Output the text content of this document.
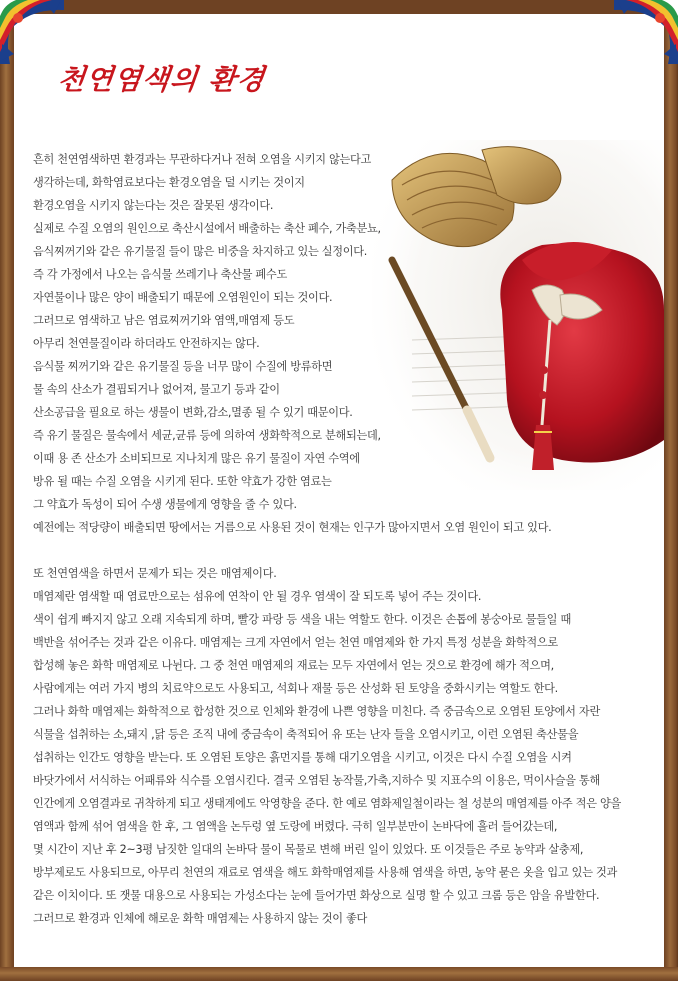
천연염색의 환경
흔히 천연염색하면 환경과는 무관하다거나 전혀 오염을 시키지 않는다고
생각하는데, 화학염료보다는 환경오염을 덜 시키는 것이지
환경오염을 시키지 않는다는 것은 잘못된 생각이다.
실제로 수질 오염의 원인으로 축산시설에서 배출하는 축산 폐수, 가축분뇨,
음식찌꺼기와 같은 유기물질 들이 많은 비중을 차지하고 있는 실정이다.
즉 각 가정에서 나오는 음식물 쓰레기나 축산물 폐수도
자연물이나 많은 양이 배출되기 때문에 오염원인이 되는 것이다.
그러므로 염색하고 남은 염료찌꺼기와 염액,매염제 등도
아무리 천연물질이라 하더라도 안전하지는 않다.
음식물 찌꺼기와 같은 유기물질 등을 너무 많이 수질에 방류하면
물 속의 산소가 결핍되거나 없어져, 물고기 등과 같이
산소공급을 필요로 하는 생물이 변화,감소,멸종 될 수 있기 때문이다.
즉 유기 물질은 물속에서 세균,균류 등에 의하여 생화학적으로 분해되는데,
이때 용 존 산소가 소비되므로 지나치게 많은 유기 물질이 자연 수역에
방유 될 때는 수질 오염을 시키게 된다. 또한 약효가 강한 염료는
그 약효가 독성이 되어 수생 생물에게 영향을 줄 수 있다.
예전에는 적당량이 배출되면 땅에서는 거름으로 사용된 것이 현재는 인구가 많아지면서 오염 원인이 되고 있다.
또 천연염색을 하면서 문제가 되는 것은 매염제이다.
매염제란 염색할 때 염료만으로는 섬유에 연착이 안 될 경우 염색이 잘 되도록 넣어 주는 것이다.
색이 쉽게 빠지지 않고 오래 지속되게 하며, 빨강 파랑 등 색을 내는 역할도 한다. 이것은 손톱에 봉숭아로 물들일 때
백반을 섞어주는 것과 같은 이유다. 매염제는 크게 자연에서 얻는 천연 매염제와 한 가지 특정 성분을 화학적으로
합성해 놓은 화학 매염제로 나뉜다. 그 중 천연 매염제의 재료는 모두 자연에서 얻는 것으로 환경에 해가 적으며,
사람에게는 여러 가지 병의 치료약으로도 사용되고, 석회나 재물 등은 산성화 된 토양을 중화시키는 역할도 한다.
그러나 화학 매염제는 화학적으로 합성한 것으로 인체와 환경에 나쁜 영향을 미친다. 즉 중금속으로 오염된 토양에서 자란
식물을 섭취하는 소,돼지 ,닭 등은 조직 내에 중금속이 축적되어 유 또는 난자 들을 오염시키고, 이런 오염된 축산물을
섭취하는 인간도 영향을 받는다. 또 오염된 토양은 흙먼지를 통해 대기오염을 시키고, 이것은 다시 수질 오염을 시켜
바닷가에서 서식하는 어패류와 식수를 오염시킨다. 결국 오염된 농작물,가축,지하수 및 지표수의 이용은, 먹이사슬을 통해
인간에게 오염결과로 귀착하게 되고 생태계에도 악영향을 준다. 한 예로 염화제일철이라는 철 성분의 매염제를 아주 적은 양을
염액과 함께 섞어 염색을 한 후, 그 염액을 논두렁 옆 도랑에 버렸다. 극히 일부분만이 논바닥에 흘러 들어갔는데,
몇 시간이 지난 후 2~3평 남짓한 일대의 논바닥 물이 목물로 변해 버린 일이 있었다. 또 이것들은 주로 농약과 살충제,
방부제로도 사용되므로, 아무리 천연의 재료로 염색을 해도 화학매염제를 사용해 염색을 하면, 농약 묻은 옷을 입고 있는 것과
같은 이치이다. 또 잿물 대용으로 사용되는 가성소다는 눈에 들어가면 화상으로 실명 할 수 있고 크롬 등은 암을 유발한다.
그러므로 환경과 인체에 해로운 화학 매염제는 사용하지 않는 것이 좋다
